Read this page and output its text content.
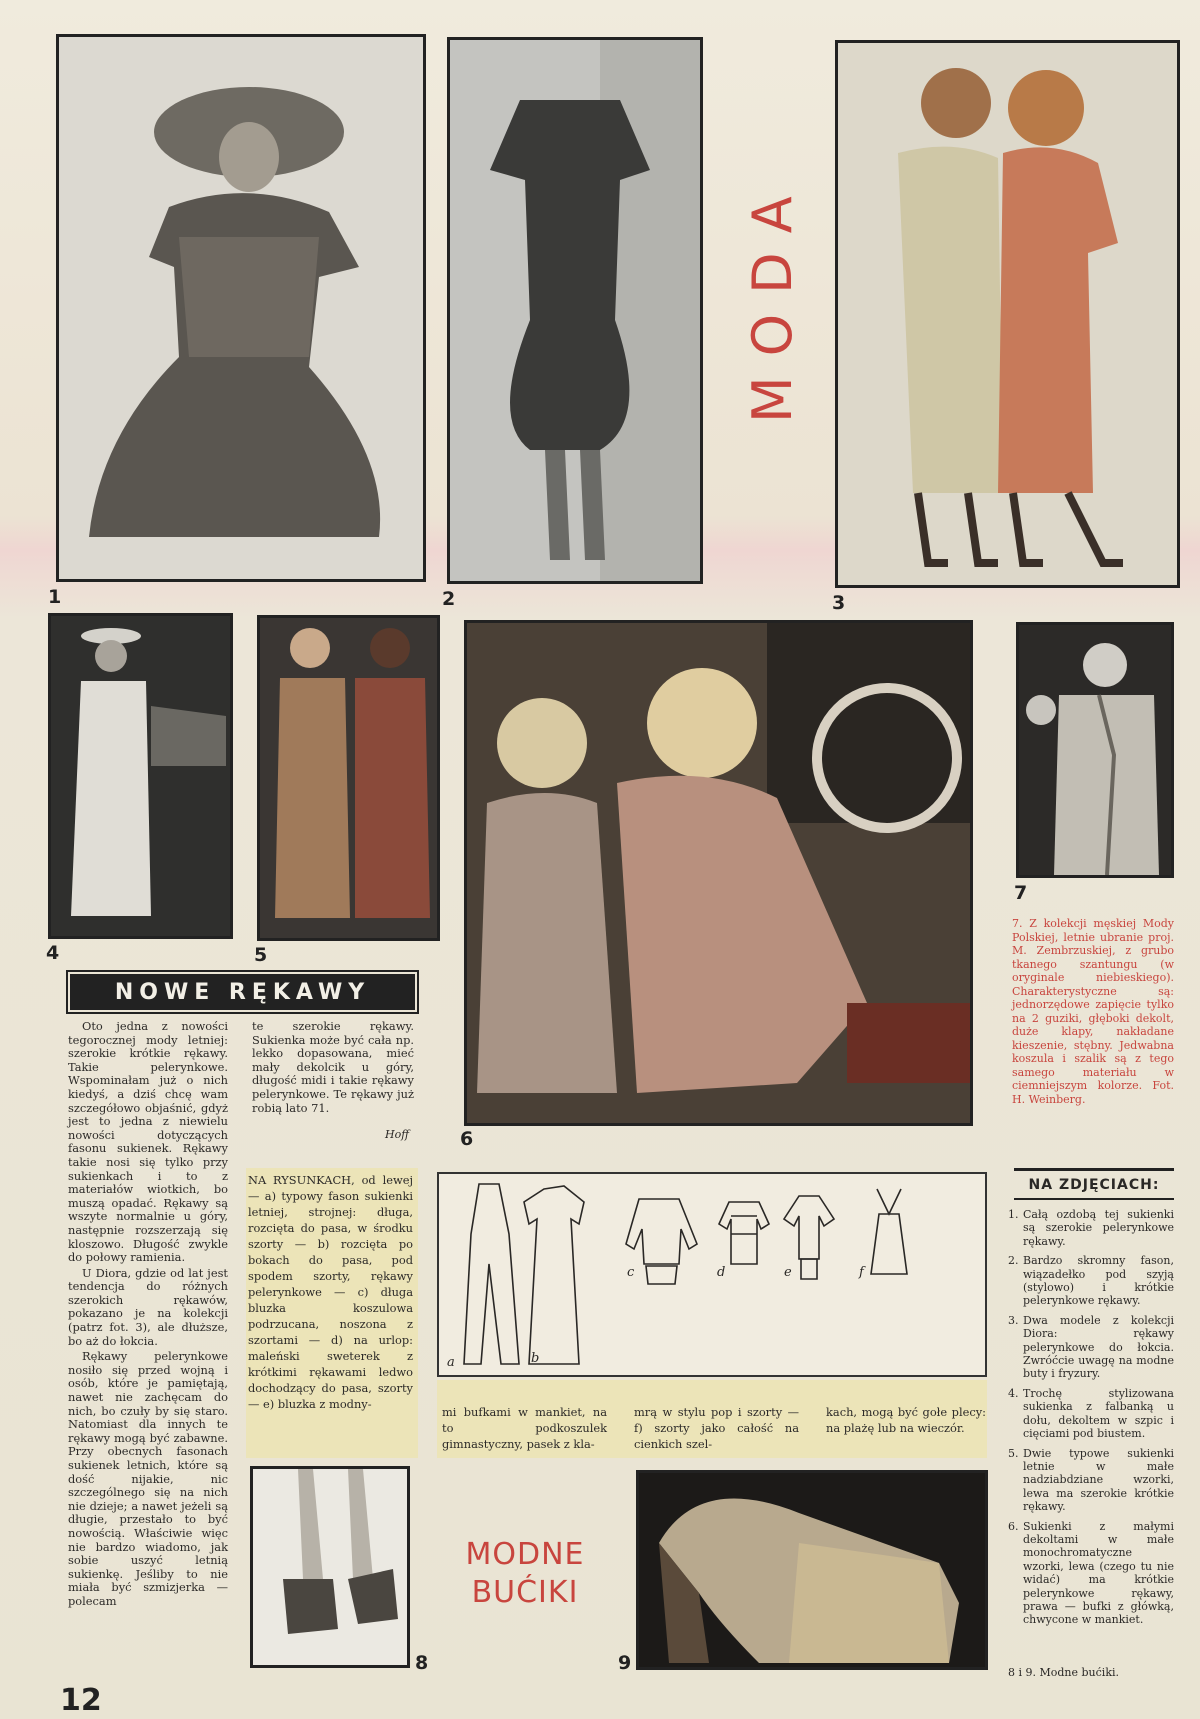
MODA
1	2	3
4	5
6
7
7. Z kolekcji męskiej Mody Polskiej, letnie ubranie proj. M. Zembrzuskiej, z grubo tkanego szantungu (w oryginale niebieskiego). Charakterystyczne są: jednorzędowe zapięcie tylko na 2 guziki, głęboki dekolt, duże klapy, nakładane kieszenie, stębny. Jedwabna koszula i szalik są z tego samego materiału w ciemniejszym kolorze. Fot. H. Weinberg.
NOWE RĘKAWY

Oto jedna z nowości tegorocznej mody letniej: szerokie krótkie rękawy. Takie pelerynkowe. Wspominałam już o nich kiedyś, a dziś chcę wam szczegółowo objaśnić, gdyż jest to jedna z niewielu nowości dotyczących fasonu sukienek. Rękawy takie nosi się tylko przy sukienkach i to z materiałów wiotkich, bo muszą opadać. Rękawy są wszyte normalnie u góry, następnie rozszerzają się kloszowo. Długość zwykle do połowy ramienia.

U Diora, gdzie od lat jest tendencja do różnych szerokich rękawów, pokazano je na kolekcji (patrz fot. 3), ale dłuższe, bo aż do łokcia.

Rękawy pelerynkowe nosiło się przed wojną i osób, które je pamiętają, nawet nie zachęcam do nich, bo czuły by się staro. Natomiast dla innych te rękawy mogą być zabawne. Przy obecnych fasonach sukienek letnich, które są dość nijakie, nic szczególnego się na nich nie dzieje; a nawet jeżeli są długie, przestało to być nowością. Właściwie więc nie bardzo wiadomo, jak sobie uszyć letnią sukienkę. Jeśliby to nie miała być szmizjerka — polecam

te szerokie rękawy. Sukienka może być cała np. lekko dopasowana, mieć mały dekolcik u góry, długość midi i takie rękawy pelerynkowe. Te rękawy już robią lato 71.

Hoff
NA RYSUNKACH, od lewej — a) typowy fason sukienki letniej, strojnej: długa, rozcięta do pasa, w środku szorty — b) rozcięta po bokach do pasa, pod spodem szorty, rękawy pelerynkowe — c) długa bluzka koszulowa podrzucana, noszona z szortami — d) na urlop: maleński sweterek z krótkimi rękawami ledwo dochodzący do pasa, szorty — e) bluzka z modny-
mi bufkami w mankiet, na to podkoszulek gimnastyczny, pasek z kla-
mrą w stylu pop i szorty — f) szorty jako całość na cienkich szel-
kach, mogą być gołe plecy: na plażę lub na wieczór.
a	b
c	d	e	f
NA ZDJĘCIACH:
1. Całą ozdobą tej sukienki są szerokie pelerynkowe rękawy.
2. Bardzo skromny fason, wiązadełko pod szyją (stylowo) i krótkie pelerynkowe rękawy.
3. Dwa modele z kolekcji Diora: rękawy pelerynkowe do łokcia. Zwróćcie uwagę na modne buty i fryzury.
4. Trochę stylizowana sukienka z falbanką u dołu, dekoltem w szpic i cięciami pod biustem.
5. Dwie typowe sukienki letnie w małe nadziabdziane wzorki, lewa ma szerokie krótkie rękawy.
6. Sukienki z małymi dekoltami w małe monochromatyczne wzorki, lewa (czego tu nie widać) ma krótkie pelerynkowe rękawy, prawa — bufki z główką, chwycone w mankiet.
8 i 9. Modne bućiki.
8
MODNE
BUĆIKI
9
12
